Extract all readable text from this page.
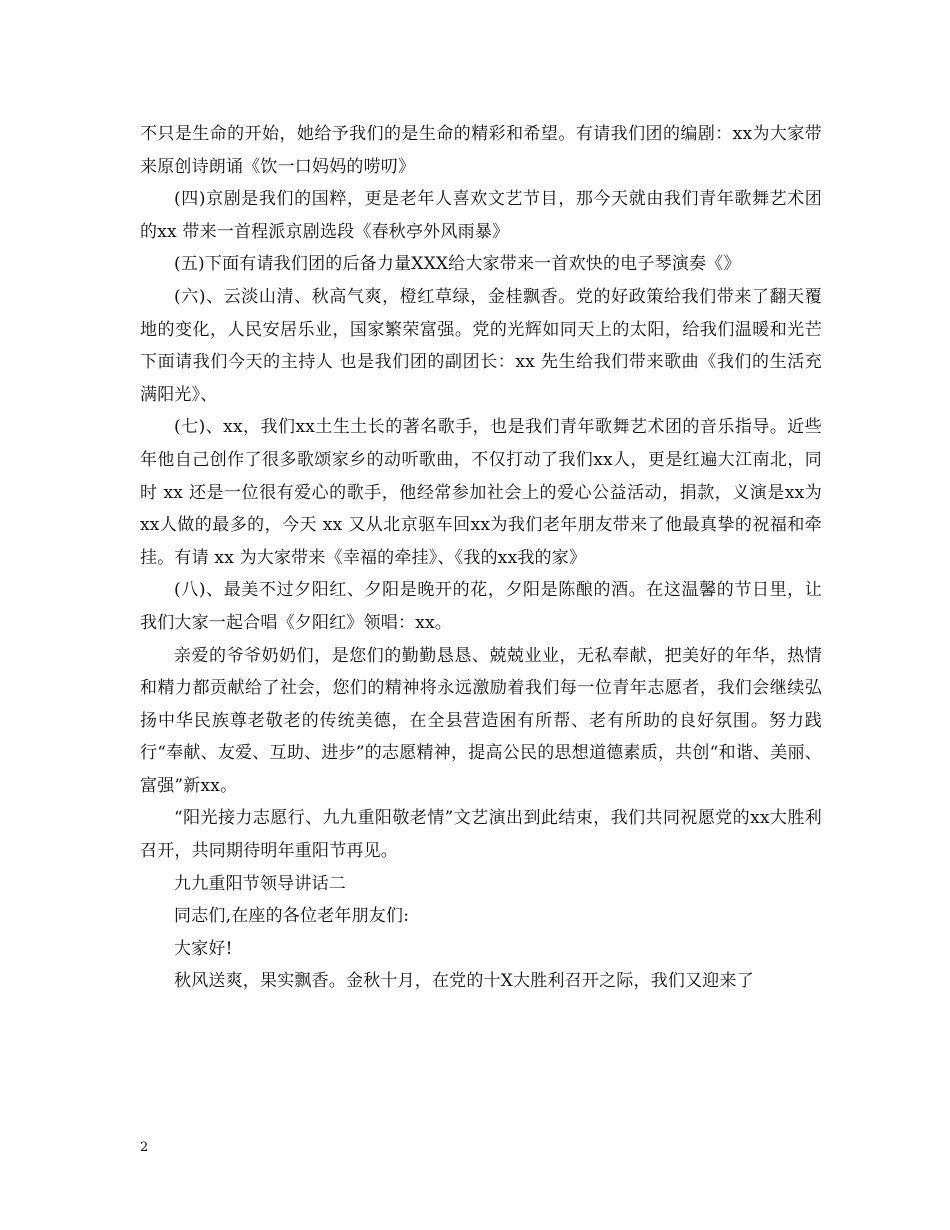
不只是生命的开始，她给予我们的是生命的精彩和希望。有请我们团的编剧：xx为大家带来原创诗朗诵《饮一口妈妈的唠叨》

(四)京剧是我们的国粹，更是老年人喜欢文艺节目，那今天就由我们青年歌舞艺术团的xx 带来一首程派京剧选段《春秋亭外风雨暴》

(五)下面有请我们团的后备力量XXX给大家带来一首欢快的电子琴演奏《》

(六)、云淡山清、秋高气爽，橙红草绿，金桂飘香。党的好政策给我们带来了翻天覆地的变化，人民安居乐业，国家繁荣富强。党的光辉如同天上的太阳，给我们温暖和光芒下面请我们今天的主持人 也是我们团的副团长：xx 先生给我们带来歌曲《我们的生活充满阳光》、

(七)、xx，我们xx土生土长的著名歌手，也是我们青年歌舞艺术团的音乐指导。近些年他自己创作了很多歌颂家乡的动听歌曲，不仅打动了我们xx人，更是红遍大江南北，同时 xx 还是一位很有爱心的歌手，他经常参加社会上的爱心公益活动，捐款，义演是xx为xx人做的最多的，今天 xx 又从北京驱车回xx为我们老年朋友带来了他最真挚的祝福和牵挂。有请 xx 为大家带来《幸福的牵挂》、《我的xx我的家》

(八)、最美不过夕阳红、夕阳是晚开的花，夕阳是陈酿的酒。在这温馨的节日里，让我们大家一起合唱《夕阳红》领唱：xx。

亲爱的爷爷奶奶们，是您们的勤勤恳恳、兢兢业业，无私奉献，把美好的年华，热情和精力都贡献给了社会，您们的精神将永远激励着我们每一位青年志愿者，我们会继续弘扬中华民族尊老敬老的传统美德，在全县营造困有所帮、老有所助的良好氛围。努力践行“奉献、友爱、互助、进步”的志愿精神，提高公民的思想道德素质，共创“和谐、美丽、富强”新xx。

“阳光接力志愿行、九九重阳敬老情”文艺演出到此结束，我们共同祝愿党的xx大胜利召开，共同期待明年重阳节再见。

九九重阳节领导讲话二

同志们,在座的各位老年朋友们:

大家好!

秋风送爽，果实飘香。金秋十月，在党的十X大胜利召开之际，我们又迎来了

2
